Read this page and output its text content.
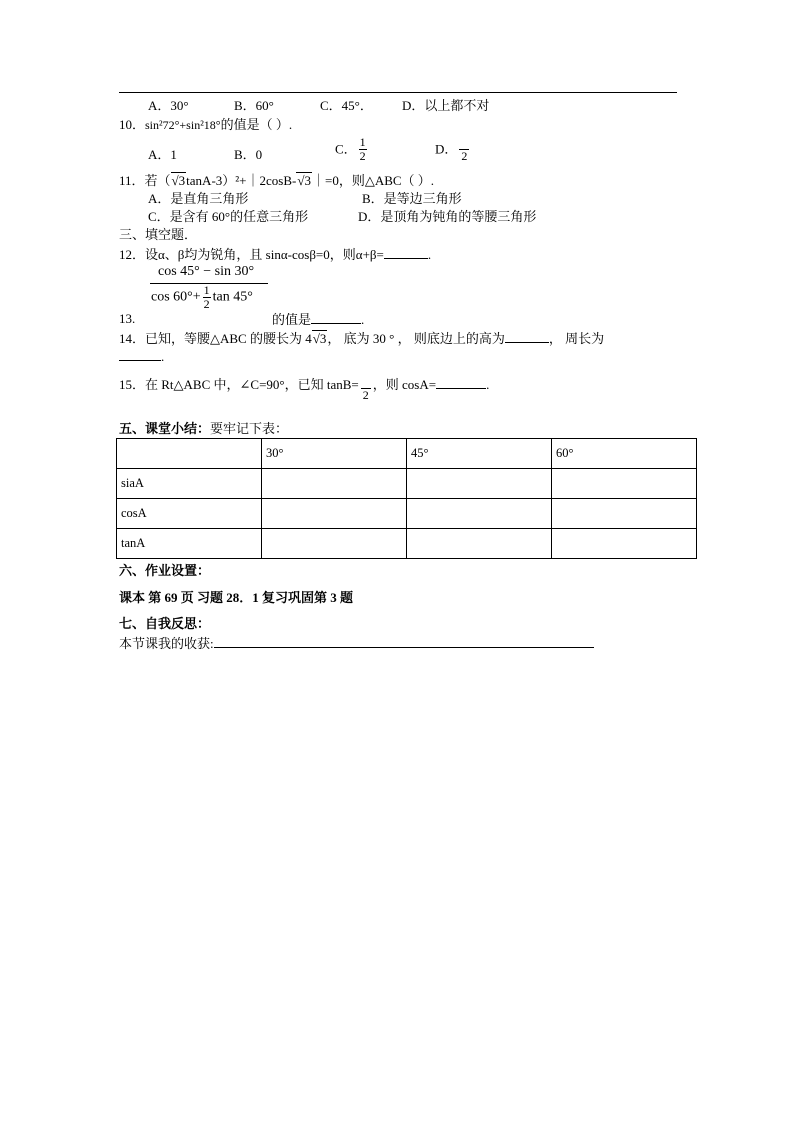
A．30°	B．60°	C．45°． D．以上都不对
10．sin²72°+sin²18°的值是（ ）.
A．1	B．0	C． $\frac{1}{2}$	D． 2
11．若（√3tanA-3）²+｜2cosB-√3｜=0，则△ABC（ ）.
A．是直角三角形	B．是等边三角形
C．是含有 60°的任意三角形	D．是顶角为钝角的等腰三角形
三、填空题．
12．设α、β均为锐角，且 sinα-cosβ=0，则α+β=	.
cos 45° − sin 30°
$\cos 60^\circ+ \frac{1}{2}$ tan 45°
13.	的值是	.
14．已知，等腰△ABC 的腰长为 4√3， 底为 30 ° ， 则底边上的高为	， 周长为
.
15．在 Rt△ABC 中，∠C=90°，已知 tanB=
2
，则 cosA=	.
五、课堂小结：要牢记下表：
	30°	45°	60°
siaA			
cosA			
tanA			
六、作业设置：
课本 第 69 页 习题 28．1 复习巩固第 3 题
七、自我反思：
本节课我的收获:
